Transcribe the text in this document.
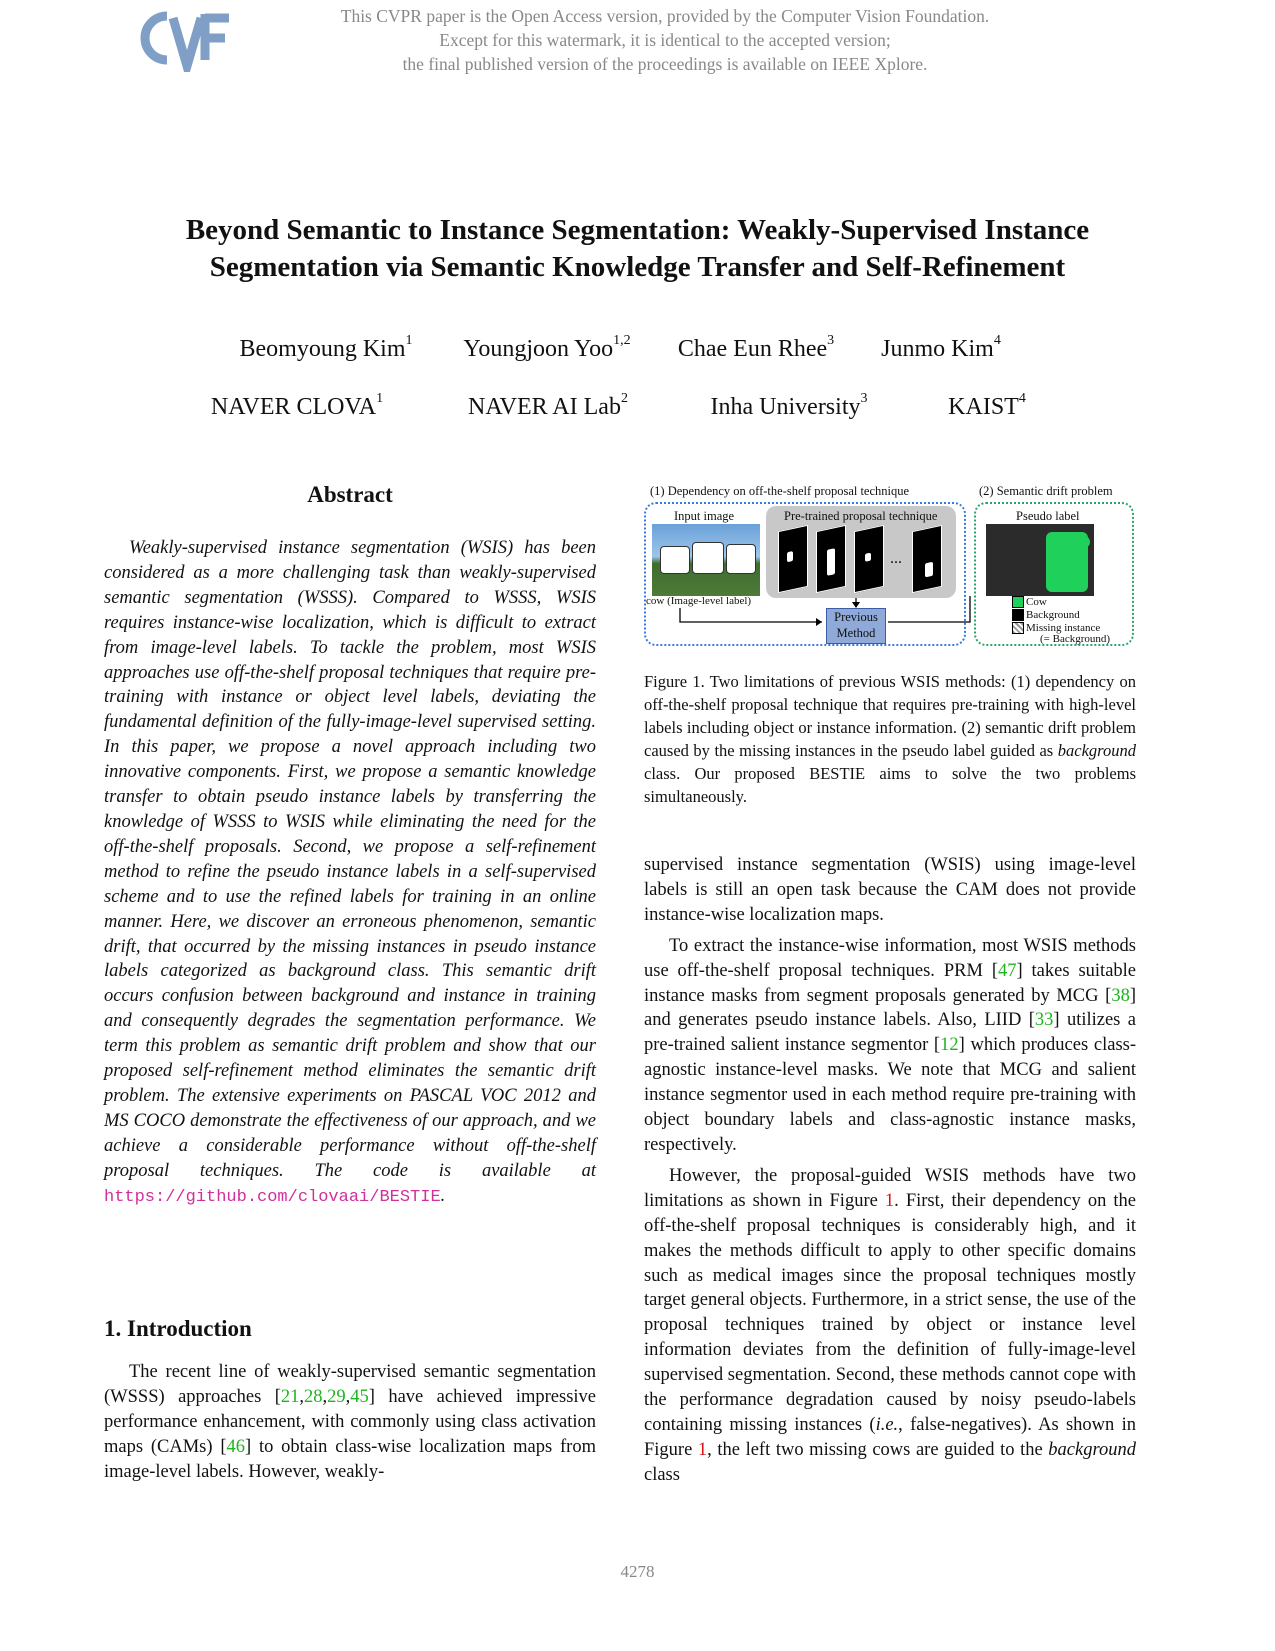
This CVPR paper is the Open Access version, provided by the Computer Vision Foundation.
Except for this watermark, it is identical to the accepted version;
the final published version of the proceedings is available on IEEE Xplore.
Beyond Semantic to Instance Segmentation: Weakly-Supervised Instance
Segmentation via Semantic Knowledge Transfer and Self-Refinement
Beomyoung Kim$^1$ Youngjoon Yoo$^{1,2}$ Chae Eun Rhee$^3$ Junmo Kim$^4$
NAVER CLOVA$^1$	NAVER AI Lab$^2$	Inha University$^3$	KAIST$^4$
Abstract

Weakly-supervised instance segmentation (WSIS) has been considered as a more challenging task than weakly-supervised semantic segmentation (WSSS). Compared to WSSS, WSIS requires instance-wise localization, which is difficult to extract from image-level labels. To tackle the problem, most WSIS approaches use off-the-shelf proposal techniques that require pre-training with instance or object level labels, deviating the fundamental definition of the fully-image-level supervised setting. In this paper, we propose a novel approach including two innovative components. First, we propose a semantic knowledge transfer to obtain pseudo instance labels by transferring the knowledge of WSSS to WSIS while eliminating the need for the off-the-shelf proposals. Second, we propose a self-refinement method to refine the pseudo instance labels in a self-supervised scheme and to use the refined labels for training in an online manner. Here, we discover an erroneous phenomenon, semantic drift, that occurred by the missing instances in pseudo instance labels categorized as background class. This semantic drift occurs confusion between background and instance in training and consequently degrades the segmentation performance. We term this problem as semantic drift problem and show that our proposed self-refinement method eliminates the semantic drift problem. The extensive experiments on PASCAL VOC 2012 and MS COCO demonstrate the effectiveness of our approach, and we achieve a considerable performance without off-the-shelf proposal techniques. The code is available at https://github.com/clovaai/BESTIE.

1. Introduction

The recent line of weakly-supervised semantic segmentation (WSSS) approaches [21,28,29,45] have achieved impressive performance enhancement, with commonly using class activation maps (CAMs) [46] to obtain class-wise localization maps from image-level labels. However, weakly-

(1) Dependency on off-the-shelf proposal technique	(2) Semantic drift problem
Input image	Pre-trained proposal technique	Pseudo label
...
cow (Image-level label)
Previous
Method
Cow
Background
Missing instance
(= Background)
Figure 1. Two limitations of previous WSIS methods: (1) dependency on off-the-shelf proposal technique that requires pre-training with high-level labels including object or instance information. (2) semantic drift problem caused by the missing instances in the pseudo label guided as background class. Our proposed BESTIE aims to solve the two problems simultaneously.

supervised instance segmentation (WSIS) using image-level labels is still an open task because the CAM does not provide instance-wise localization maps.

To extract the instance-wise information, most WSIS methods use off-the-shelf proposal techniques. PRM [47] takes suitable instance masks from segment proposals generated by MCG [38] and generates pseudo instance labels. Also, LIID [33] utilizes a pre-trained salient instance segmentor [12] which produces class-agnostic instance-level masks. We note that MCG and salient instance segmentor used in each method require pre-training with object boundary labels and class-agnostic instance masks, respectively.

However, the proposal-guided WSIS methods have two limitations as shown in Figure 1. First, their dependency on the off-the-shelf proposal techniques is considerably high, and it makes the methods difficult to apply to other specific domains such as medical images since the proposal techniques mostly target general objects. Furthermore, in a strict sense, the use of the proposal techniques trained by object or instance level information deviates from the definition of fully-image-level supervised segmentation. Second, these methods cannot cope with the performance degradation caused by noisy pseudo-labels containing missing instances (i.e., false-negatives). As shown in Figure 1, the left two missing cows are guided to the background class

4278
